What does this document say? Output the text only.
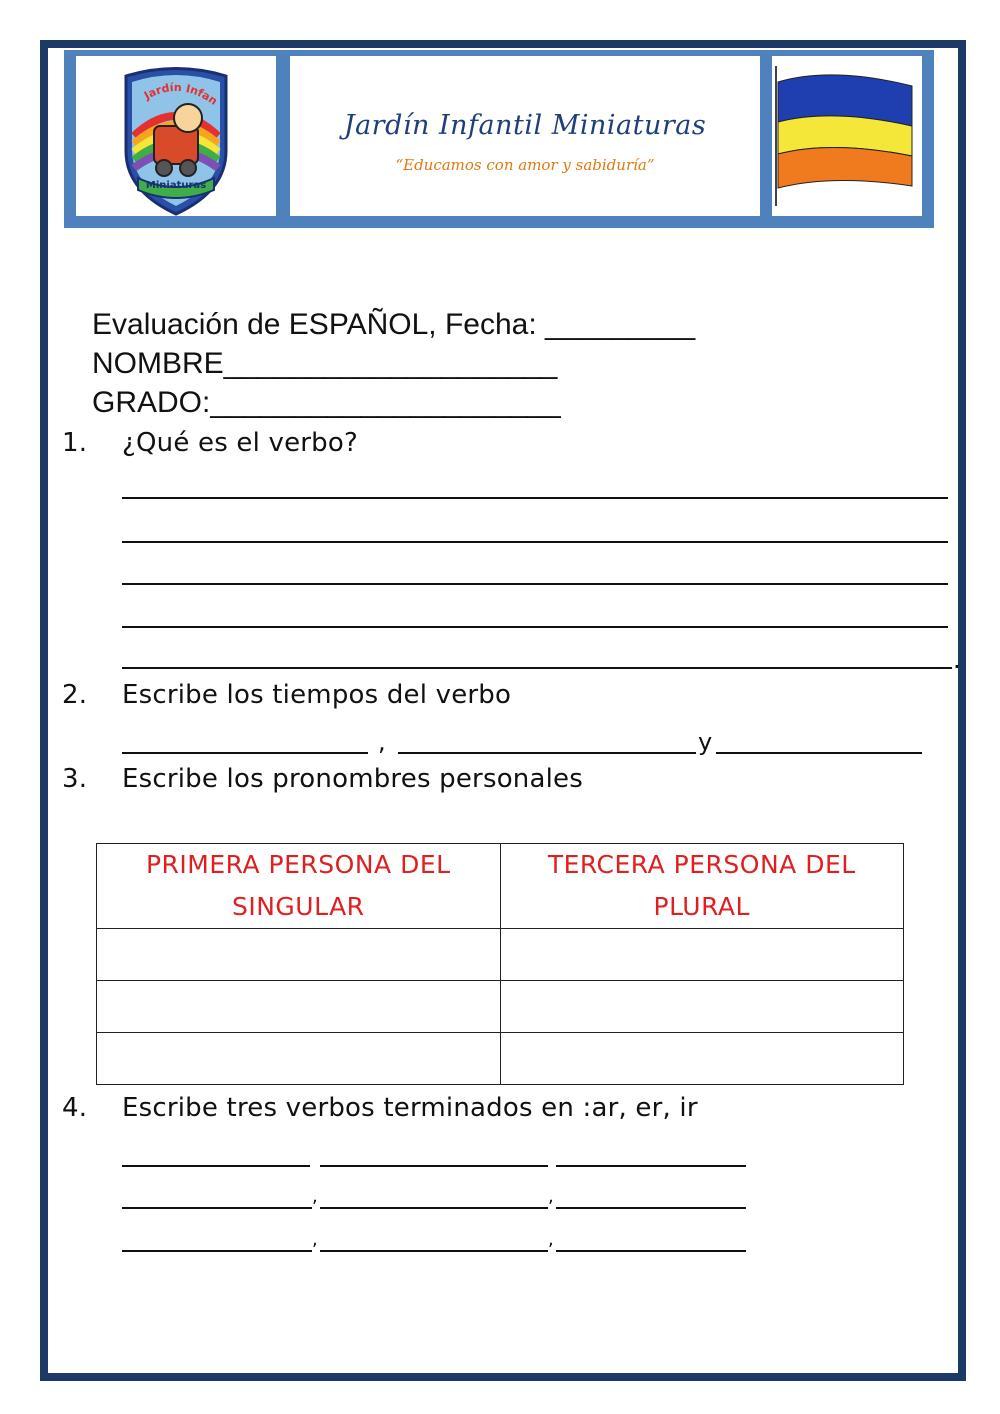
Jardín Infan
Miniaturas
Jardín Infantil Miniaturas
“Educamos con amor y sabiduría”
Evaluación de ESPAÑOL, Fecha: _________
NOMBRE____________________
GRADO:_____________________
1. ¿Qué es el verbo?
.
2. Escribe los tiempos del verbo
,	y
3. Escribe los pronombres personales
PRIMERA PERSONA DEL SINGULAR	TERCERA PERSONA DEL PLURAL

4. Escribe tres verbos terminados en :ar, er, ir
,	,
,	,
